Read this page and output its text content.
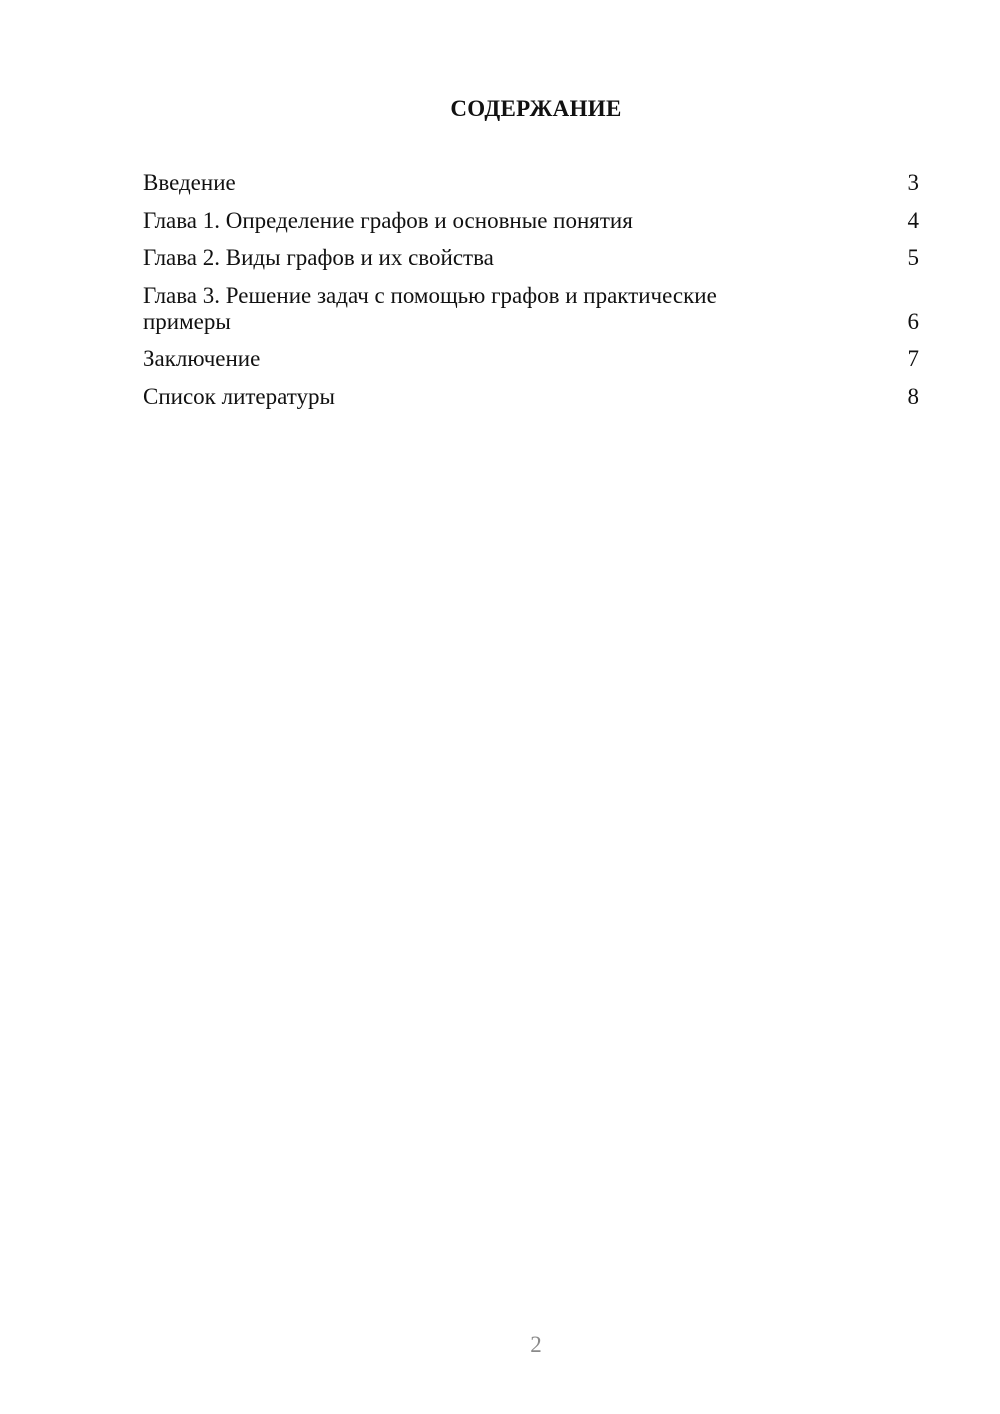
СОДЕРЖАНИЕ
Введение	3
Глава 1. Определение графов и основные понятия	4
Глава 2. Виды графов и их свойства	5
Глава 3. Решение задач с помощью графов и практические примеры	6
Заключение	7
Список литературы	8
2
